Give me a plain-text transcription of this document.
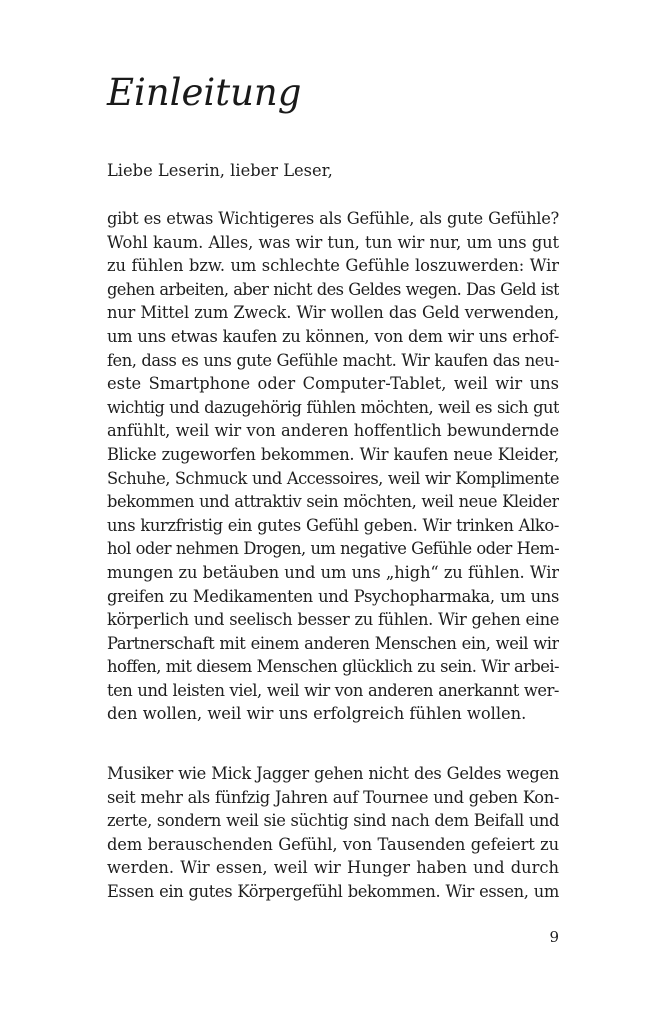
Einleitung
Liebe Leserin, lieber Leser,
gibt es etwas Wichtigeres als Gefühle, als gute Gefühle?
Wohl kaum. Alles, was wir tun, tun wir nur, um uns gut
zu fühlen bzw. um schlechte Gefühle loszuwerden: Wir
gehen arbeiten, aber nicht des Geldes wegen. Das Geld ist
nur Mittel zum Zweck. Wir wollen das Geld verwenden,
um uns etwas kaufen zu können, von dem wir uns erhof-
fen, dass es uns gute Gefühle macht. Wir kaufen das neu-
este Smartphone oder Computer-Tablet, weil wir uns
wichtig und dazugehörig fühlen möchten, weil es sich gut
anfühlt, weil wir von anderen hoffentlich bewundernde
Blicke zugeworfen bekommen. Wir kaufen neue Kleider,
Schuhe, Schmuck und Accessoires, weil wir Komplimente
bekommen und attraktiv sein möchten, weil neue Kleider
uns kurzfristig ein gutes Gefühl geben. Wir trinken Alko-
hol oder nehmen Drogen, um negative Gefühle oder Hem-
mungen zu betäuben und um uns „high“ zu fühlen. Wir
greifen zu Medikamenten und Psychopharmaka, um uns
körperlich und seelisch besser zu fühlen. Wir gehen eine
Partnerschaft mit einem anderen Menschen ein, weil wir
hoffen, mit diesem Menschen glücklich zu sein. Wir arbei-
ten und leisten viel, weil wir von anderen anerkannt wer-
den wollen, weil wir uns erfolgreich fühlen wollen.
Musiker wie Mick Jagger gehen nicht des Geldes wegen
seit mehr als fünfzig Jahren auf Tournee und geben Kon-
zerte, sondern weil sie süchtig sind nach dem Beifall und
dem berauschenden Gefühl, von Tausenden gefeiert zu
werden. Wir essen, weil wir Hunger haben und durch
Essen ein gutes Körpergefühl bekommen. Wir essen, um
9
